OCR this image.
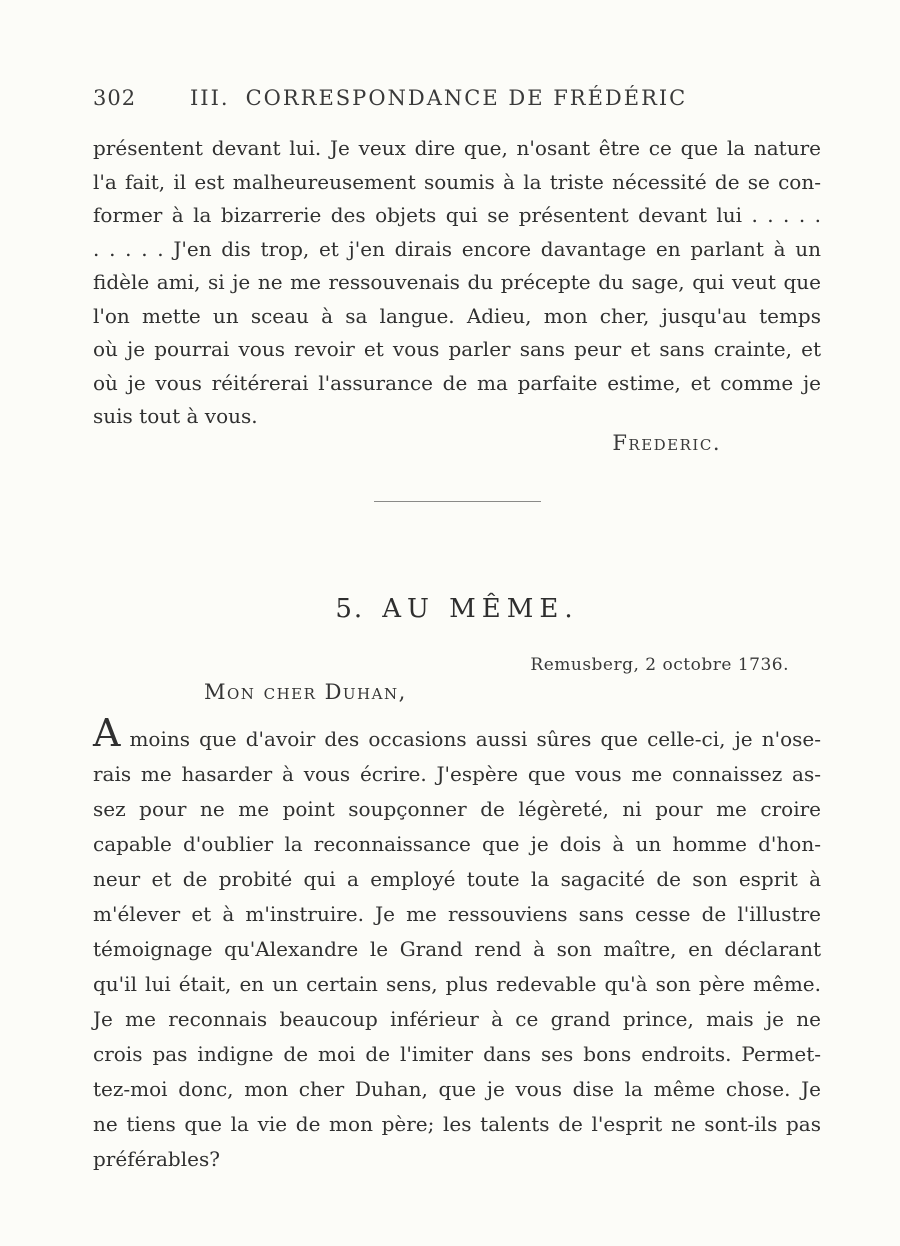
302	III. CORRESPONDANCE DE FRÉDÉRIC
présentent devant lui. Je veux dire que, n'osant être ce que la nature
l'a fait, il est malheureusement soumis à la triste nécessité de se con-
former à la bizarrerie des objets qui se présentent devant lui . . . . .
. . . . . J'en dis trop, et j'en dirais encore davantage en parlant à un
fidèle ami, si je ne me ressouvenais du précepte du sage, qui veut que
l'on mette un sceau à sa langue. Adieu, mon cher, jusqu'au temps
où je pourrai vous revoir et vous parler sans peur et sans crainte, et
où je vous réitérerai l'assurance de ma parfaite estime, et comme je
suis tout à vous.
Frederic.
5. AU MÊME.
Remusberg, 2 octobre 1736.
Mon cher Duhan,
Amoins que d'avoir des occasions aussi sûres que celle-ci, je n'ose-
rais me hasarder à vous écrire. J'espère que vous me connaissez as-
sez pour ne me point soupçonner de légèreté, ni pour me croire
capable d'oublier la reconnaissance que je dois à un homme d'hon-
neur et de probité qui a employé toute la sagacité de son esprit à
m'élever et à m'instruire. Je me ressouviens sans cesse de l'illustre
témoignage qu'Alexandre le Grand rend à son maître, en déclarant
qu'il lui était, en un certain sens, plus redevable qu'à son père même.
Je me reconnais beaucoup inférieur à ce grand prince, mais je ne
crois pas indigne de moi de l'imiter dans ses bons endroits. Permet-
tez-moi donc, mon cher Duhan, que je vous dise la même chose. Je
ne tiens que la vie de mon père; les talents de l'esprit ne sont-ils pas
préférables?
